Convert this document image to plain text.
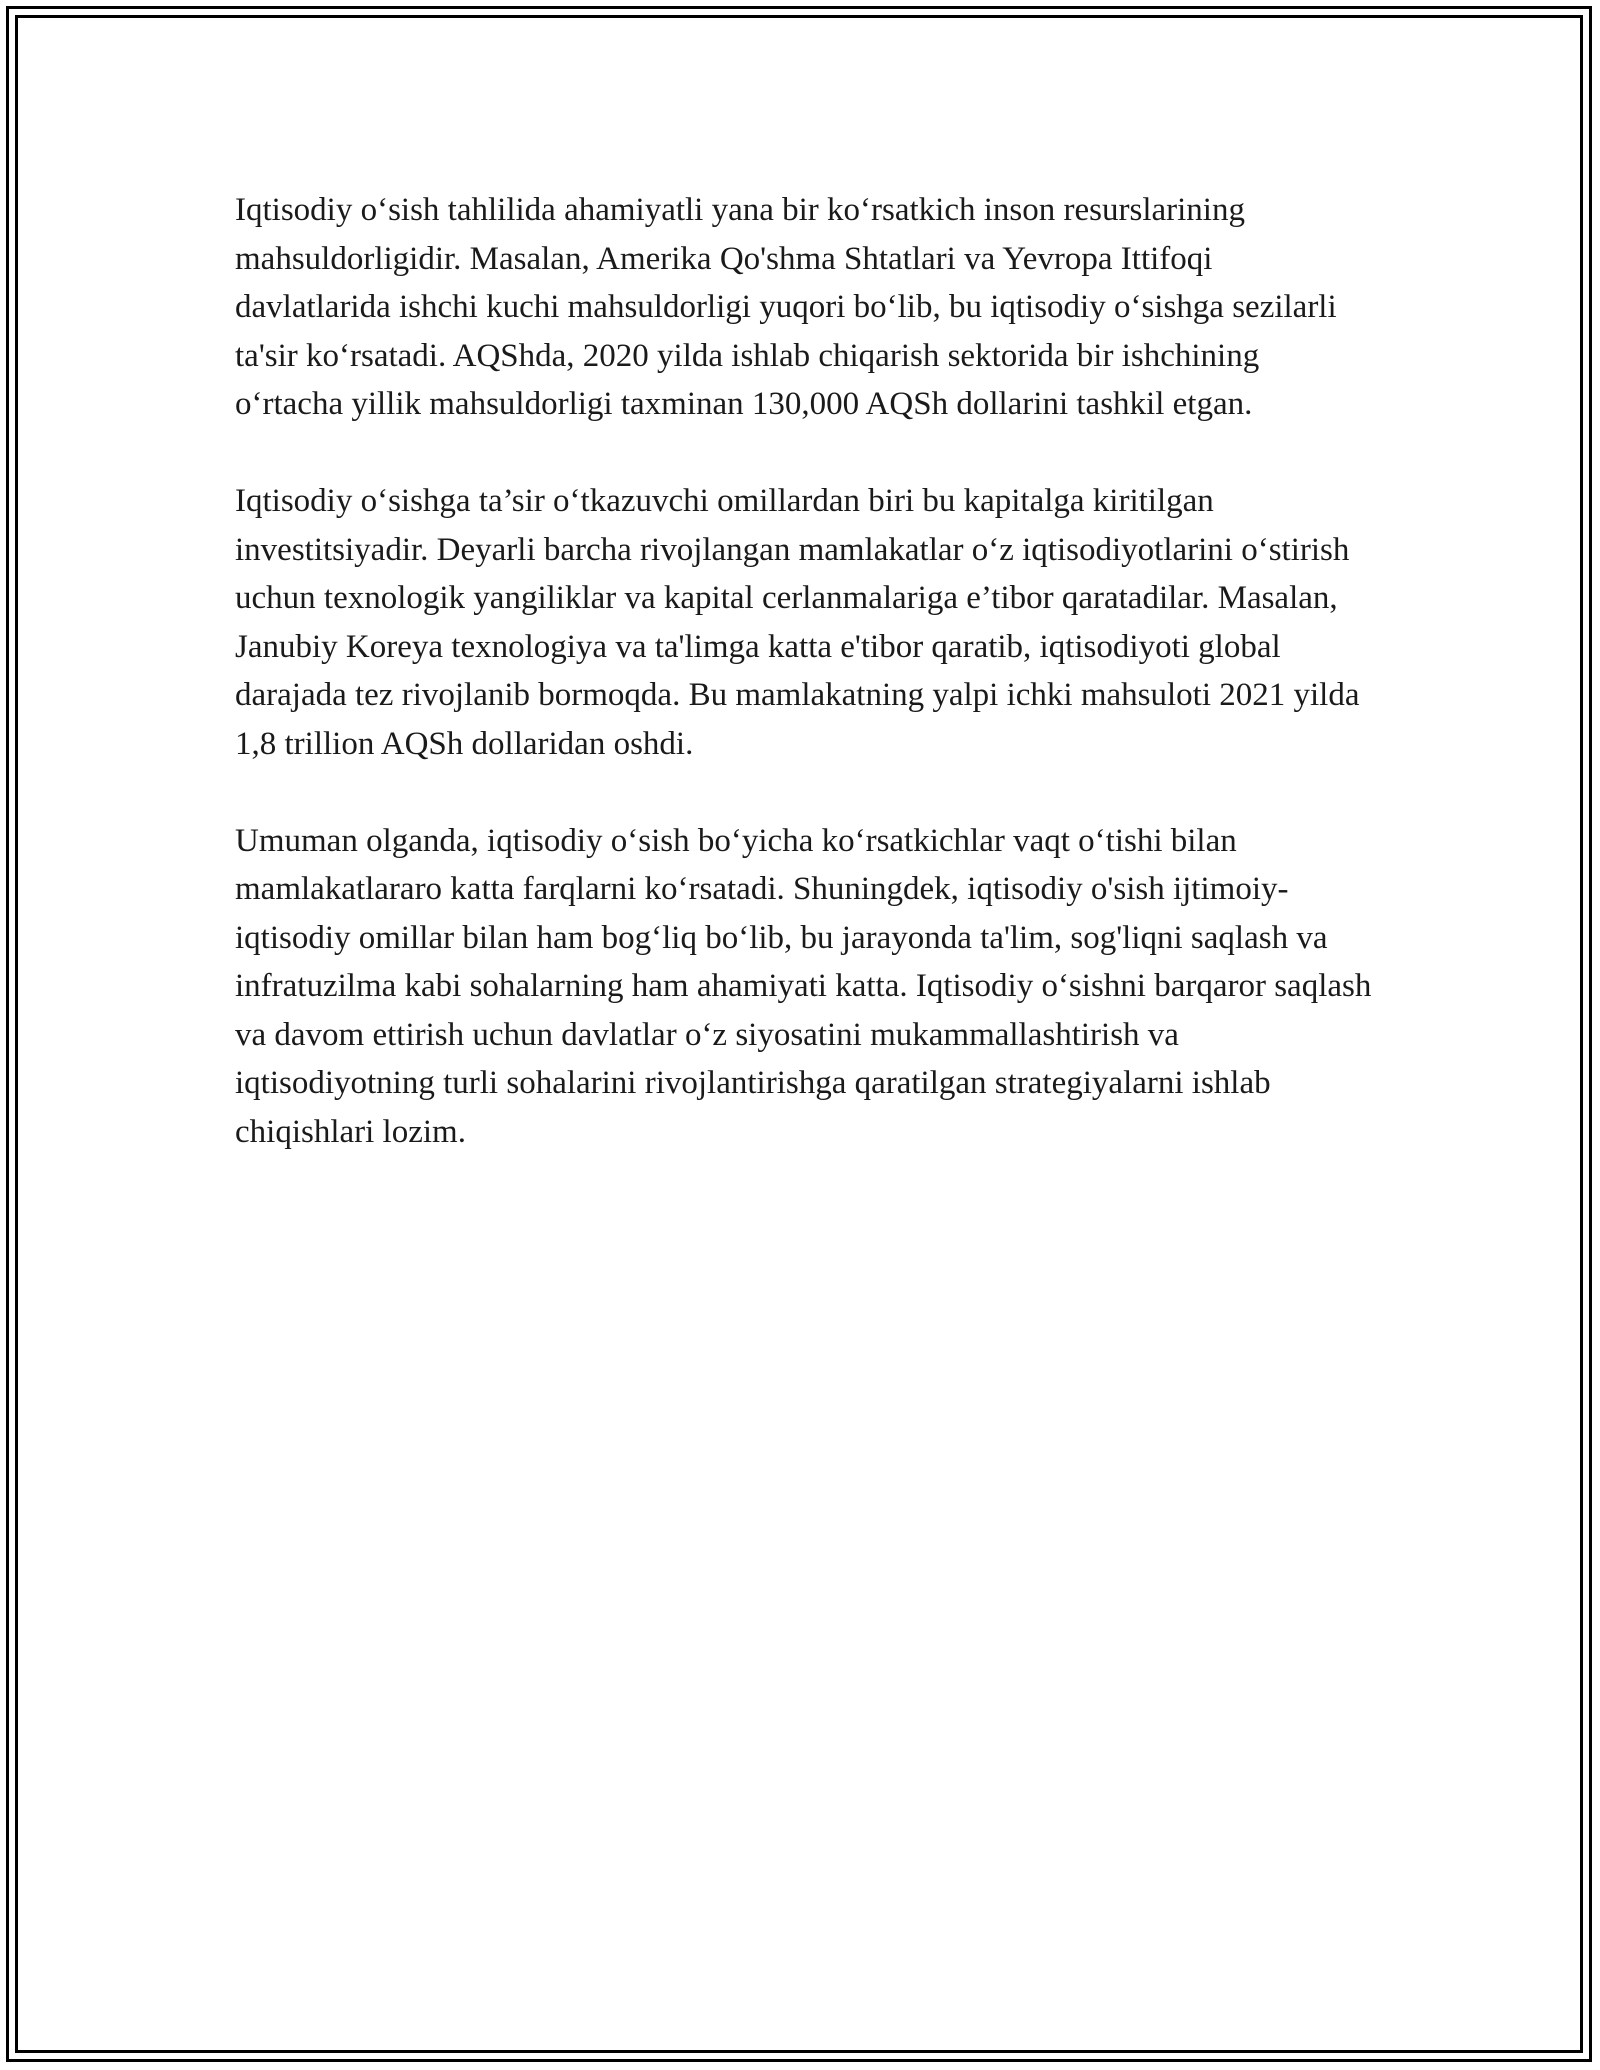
Iqtisodiy o‘sish tahlilida ahamiyatli yana bir ko‘rsatkich inson resurslarining mahsuldorligidir. Masalan, Amerika Qo'shma Shtatlari va Yevropa Ittifoqi davlatlarida ishchi kuchi mahsuldorligi yuqori bo‘lib, bu iqtisodiy o‘sishga sezilarli ta'sir ko‘rsatadi. AQShda, 2020 yilda ishlab chiqarish sektorida bir ishchining o‘rtacha yillik mahsuldorligi taxminan 130,000 AQSh dollarini tashkil etgan.

Iqtisodiy o‘sishga ta’sir o‘tkazuvchi omillardan biri bu kapitalga kiritilgan investitsiyadir. Deyarli barcha rivojlangan mamlakatlar o‘z iqtisodiyotlarini o‘stirish uchun texnologik yangiliklar va kapital cerlanmalariga e’tibor qaratadilar. Masalan, Janubiy Koreya texnologiya va ta'limga katta e'tibor qaratib, iqtisodiyoti global darajada tez rivojlanib bormoqda. Bu mamlakatning yalpi ichki mahsuloti 2021 yilda 1,8 trillion AQSh dollaridan oshdi.

Umuman olganda, iqtisodiy o‘sish bo‘yicha ko‘rsatkichlar vaqt o‘tishi bilan mamlakatlararo katta farqlarni ko‘rsatadi. Shuningdek, iqtisodiy o'sish ijtimoiy-iqtisodiy omillar bilan ham bog‘liq bo‘lib, bu jarayonda ta'lim, sog'liqni saqlash va infratuzilma kabi sohalarning ham ahamiyati katta. Iqtisodiy o‘sishni barqaror saqlash va davom ettirish uchun davlatlar o‘z siyosatini mukammallashtirish va iqtisodiyotning turli sohalarini rivojlantirishga qaratilgan strategiyalarni ishlab chiqishlari lozim.
